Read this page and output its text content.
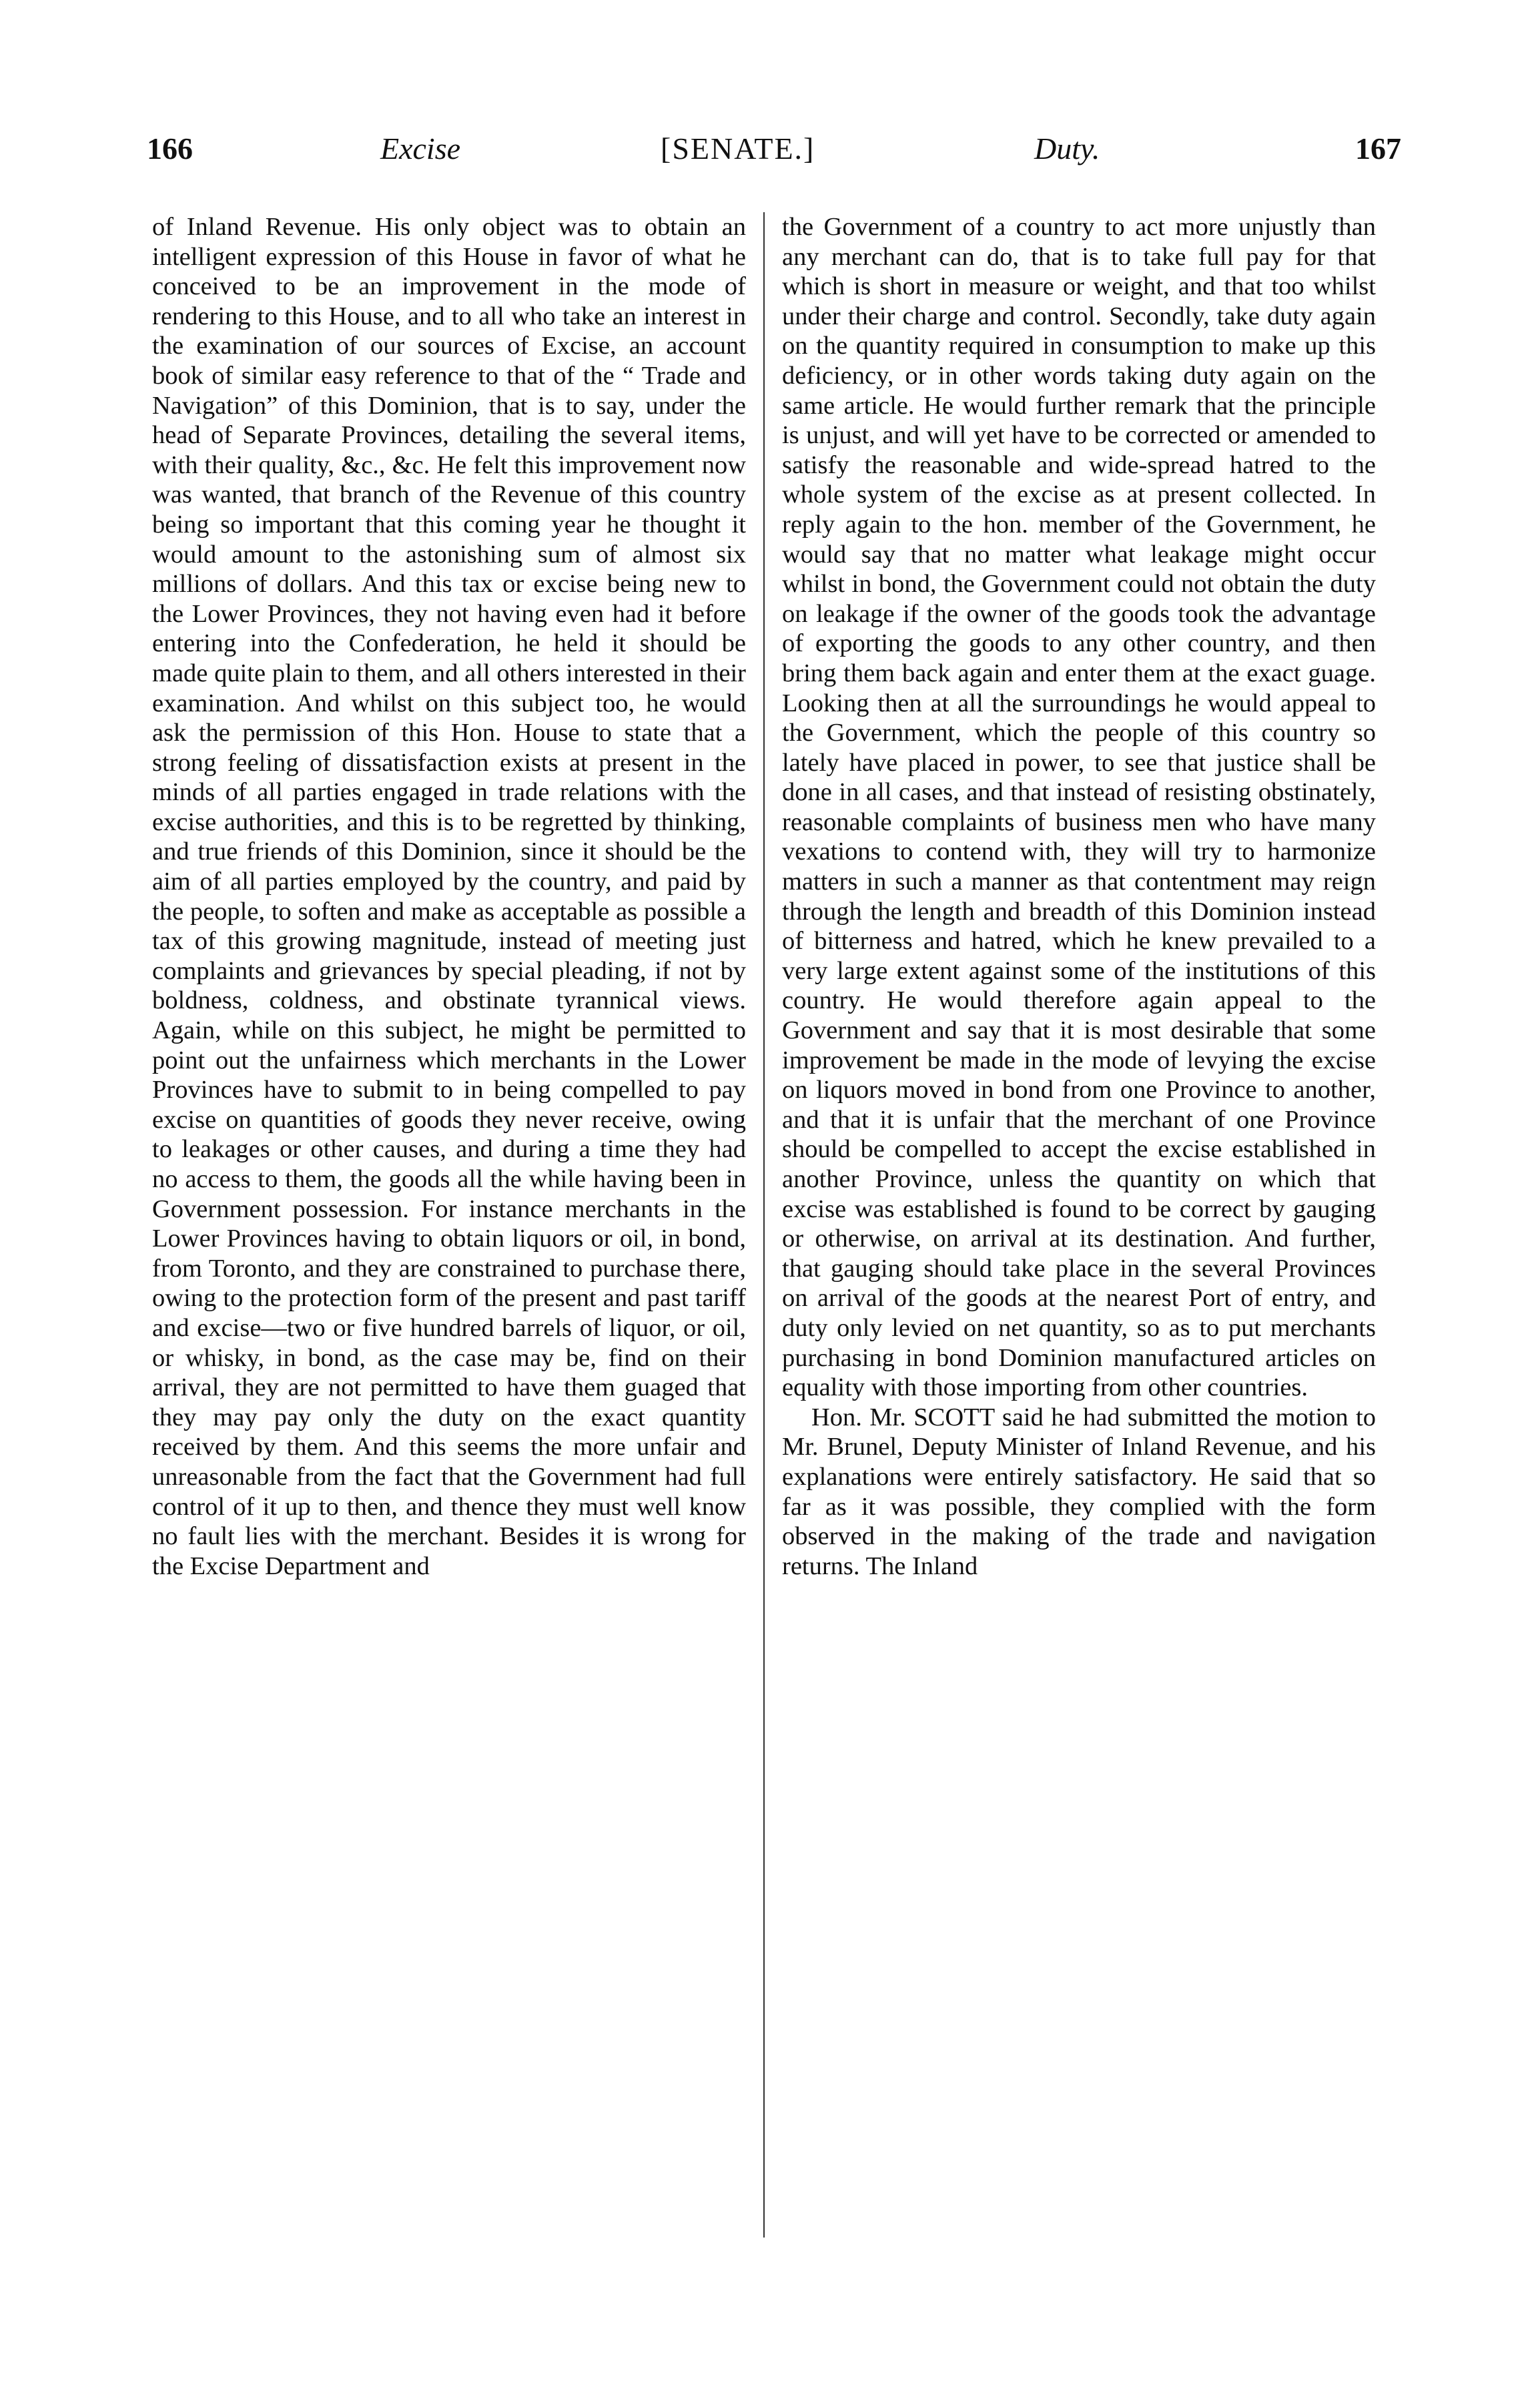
166	Excise	[SENATE.]	Duty.	167

of Inland Revenue. His only object was to obtain an intelligent expression of this House in favor of what he conceived to be an improvement in the mode of rendering to this House, and to all who take an interest in the examination of our sources of Excise, an account book of similar easy reference to that of the “ Trade and Navigation” of this Dominion, that is to say, under the head of Separate Provinces, detailing the several items, with their quality, &c., &c. He felt this improvement now was wanted, that branch of the Revenue of this country being so important that this coming year he thought it would amount to the astonishing sum of almost six millions of dollars. And this tax or excise being new to the Lower Provinces, they not having even had it before entering into the Confederation, he held it should be made quite plain to them, and all others interested in their examination. And whilst on this subject too, he would ask the permission of this Hon. House to state that a strong feeling of dissatisfaction exists at present in the minds of all parties engaged in trade relations with the excise authorities, and this is to be regretted by thinking, and true friends of this Dominion, since it should be the aim of all parties employed by the country, and paid by the people, to soften and make as acceptable as possible a tax of this growing magnitude, instead of meeting just complaints and grievances by special pleading, if not by boldness, coldness, and obstinate tyrannical views. Again, while on this subject, he might be permitted to point out the unfairness which merchants in the Lower Provinces have to submit to in being compelled to pay excise on quantities of goods they never receive, owing to leakages or other causes, and during a time they had no access to them, the goods all the while having been in Government possession. For instance merchants in the Lower Provinces having to obtain liquors or oil, in bond, from Toronto, and they are constrained to purchase there, owing to the protection form of the present and past tariff and excise—two or five hundred barrels of liquor, or oil, or whisky, in bond, as the case may be, find on their arrival, they are not permitted to have them guaged that they may pay only the duty on the exact quantity received by them. And this seems the more unfair and unreasonable from the fact that the Government had full control of it up to then, and thence they must well know no fault lies with the merchant. Besides it is wrong for the Excise Department and

the Government of a country to act more unjustly than any merchant can do, that is to take full pay for that which is short in measure or weight, and that too whilst under their charge and control. Secondly, take duty again on the quantity required in consumption to make up this deficiency, or in other words taking duty again on the same article. He would further remark that the principle is unjust, and will yet have to be corrected or amended to satisfy the reasonable and wide-spread hatred to the whole system of the excise as at present collected. In reply again to the hon. member of the Government, he would say that no matter what leakage might occur whilst in bond, the Government could not obtain the duty on leakage if the owner of the goods took the advantage of exporting the goods to any other country, and then bring them back again and enter them at the exact guage. Looking then at all the surroundings he would appeal to the Government, which the people of this country so lately have placed in power, to see that justice shall be done in all cases, and that instead of resisting obstinately, reasonable complaints of business men who have many vexations to contend with, they will try to harmonize matters in such a manner as that contentment may reign through the length and breadth of this Dominion instead of bitterness and hatred, which he knew prevailed to a very large extent against some of the institutions of this country. He would therefore again appeal to the Government and say that it is most desirable that some improvement be made in the mode of levying the excise on liquors moved in bond from one Province to another, and that it is unfair that the merchant of one Province should be compelled to accept the excise established in another Province, unless the quantity on which that excise was established is found to be correct by gauging or otherwise, on arrival at its destination. And further, that gauging should take place in the several Provinces on arrival of the goods at the nearest Port of entry, and duty only levied on net quantity, so as to put merchants purchasing in bond Dominion manufactured articles on equality with those importing from other countries.

Hon. Mr. SCOTT said he had submitted the motion to Mr. Brunel, Deputy Minister of Inland Revenue, and his explanations were entirely satisfactory. He said that so far as it was possible, they complied with the form observed in the making of the trade and navigation returns. The Inland
